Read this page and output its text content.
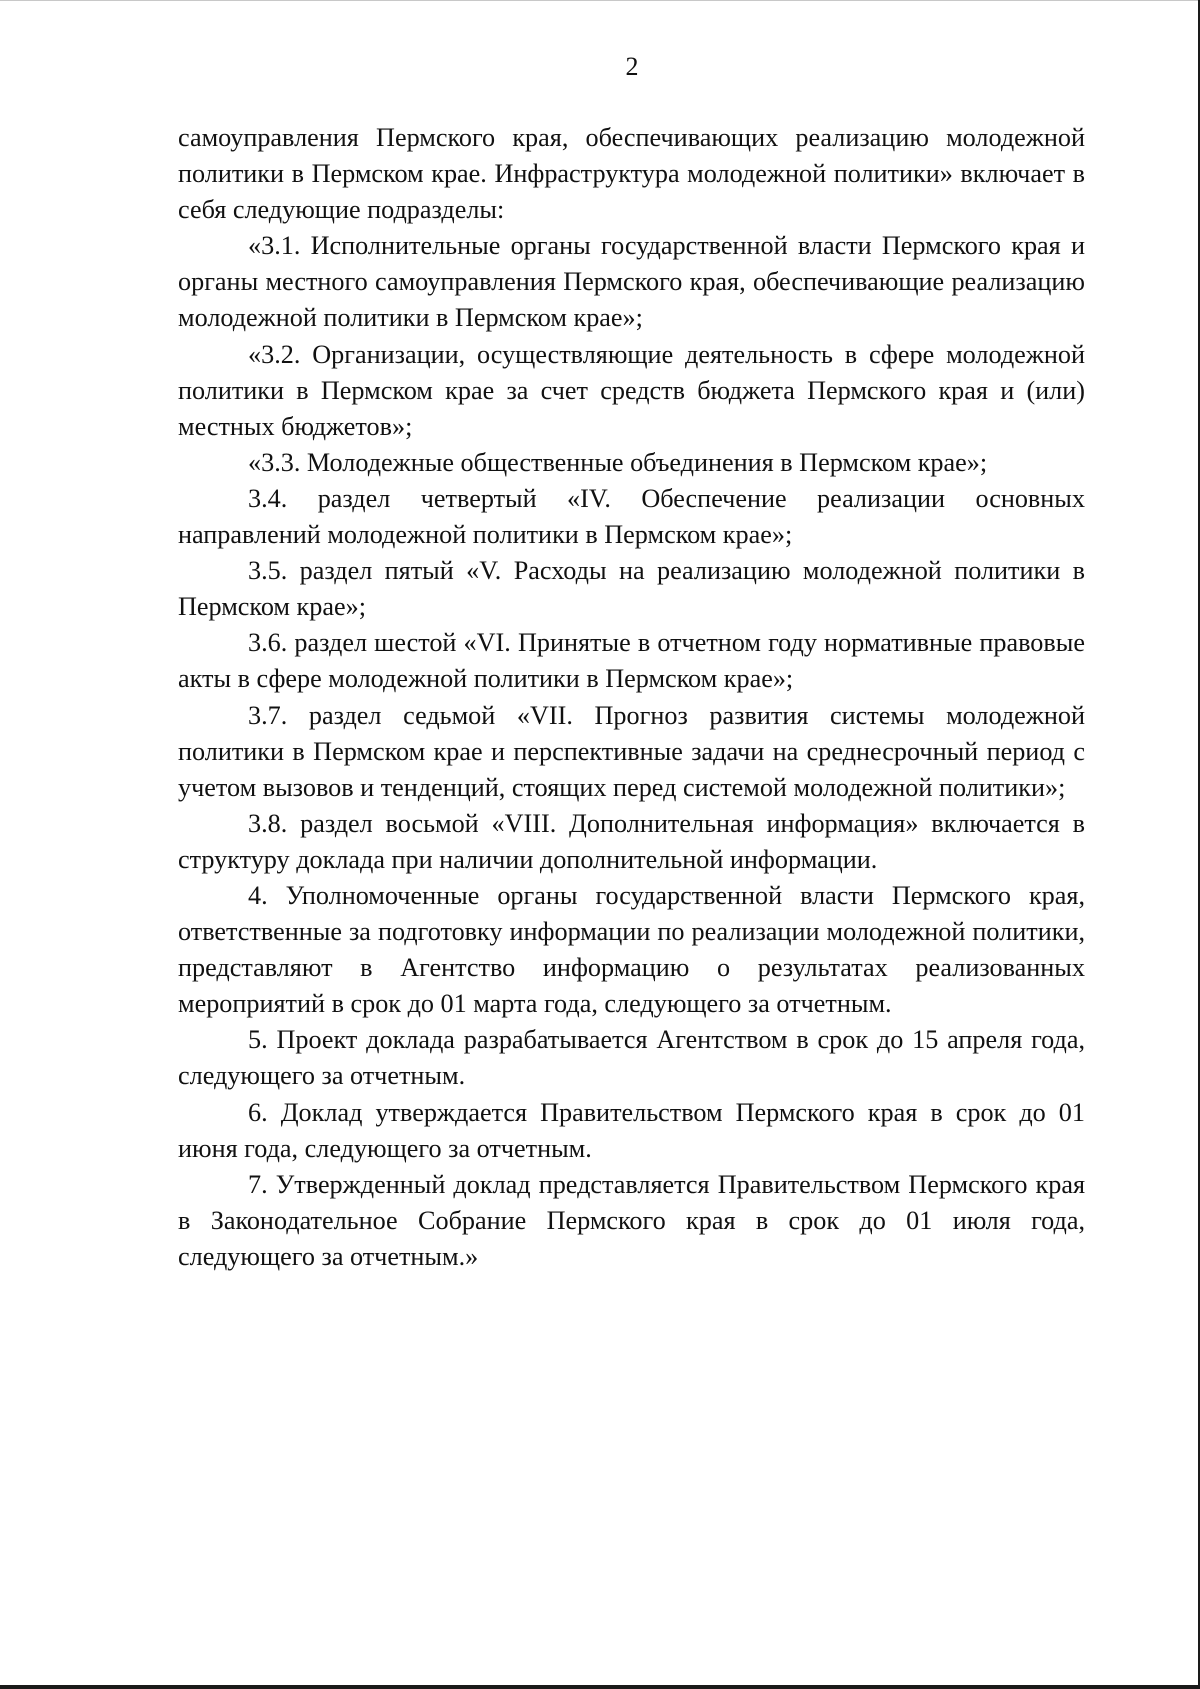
2

самоуправления Пермского края, обеспечивающих реализацию молодежной политики в Пермском крае. Инфраструктура молодежной политики» включает в себя следующие подразделы:

«3.1. Исполнительные органы государственной власти Пермского края и органы местного самоуправления Пермского края, обеспечивающие реализацию молодежной политики в Пермском крае»;

«3.2. Организации, осуществляющие деятельность в сфере молодежной политики в Пермском крае за счет средств бюджета Пермского края и (или) местных бюджетов»;

«3.3. Молодежные общественные объединения в Пермском крае»;

3.4. раздел четвертый «IV. Обеспечение реализации основных направлений молодежной политики в Пермском крае»;

3.5. раздел пятый «V. Расходы на реализацию молодежной политики в Пермском крае»;

3.6. раздел шестой «VI. Принятые в отчетном году нормативные правовые акты в сфере молодежной политики в Пермском крае»;

3.7. раздел седьмой «VII. Прогноз развития системы молодежной политики в Пермском крае и перспективные задачи на среднесрочный период с учетом вызовов и тенденций, стоящих перед системой молодежной политики»;

3.8. раздел восьмой «VIII. Дополнительная информация» включается в структуру доклада при наличии дополнительной информации.

4. Уполномоченные органы государственной власти Пермского края, ответственные за подготовку информации по реализации молодежной политики, представляют в Агентство информацию о результатах реализованных мероприятий в срок до 01 марта года, следующего за отчетным.

5. Проект доклада разрабатывается Агентством в срок до 15 апреля года, следующего за отчетным.

6. Доклад утверждается Правительством Пермского края в срок до 01 июня года, следующего за отчетным.

7. Утвержденный доклад представляется Правительством Пермского края в Законодательное Собрание Пермского края в срок до 01 июля года, следующего за отчетным.»
